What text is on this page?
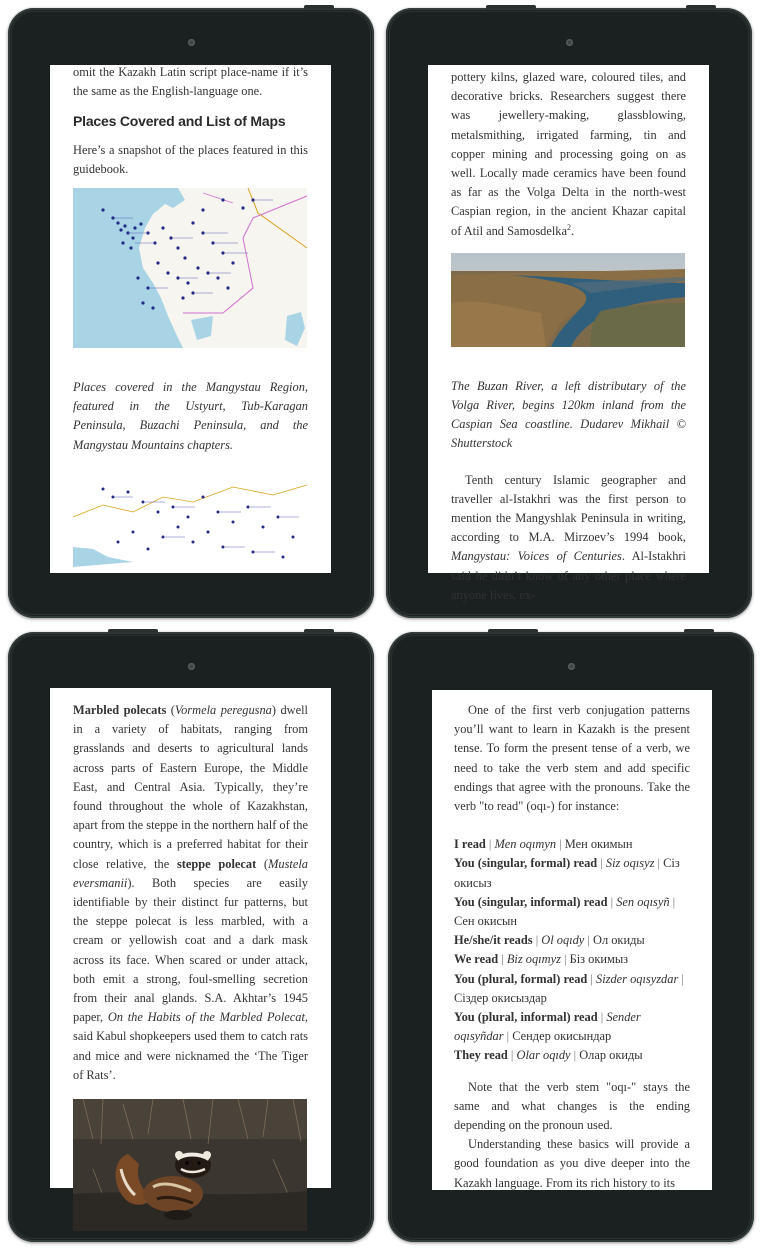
omit the Kazakh Latin script place-name if it’s the same as the English-language one.

Places Covered and List of Maps

Here’s a snapshot of the places featured in this guidebook.

Places covered in the Mangystau Region, featured in the Ustyurt, Tub-Karagan Peninsula, Buzachi Peninsula, and the Mangystau Mountains chapters.

pottery kilns, glazed ware, coloured tiles, and decorative bricks. Researchers suggest there was jewellery-making, glassblowing, metalsmithing, irrigated farming, tin and copper mining and processing going on as well. Locally made ceramics have been found as far as the Volga Delta in the north-west Caspian region, in the ancient Khazar capital of Atil and Samosdelka$^2$.

The Buzan River, a left distributary of the Volga River, begins 120km inland from the Caspian Sea coastline. Dudarev Mikhail © Shutterstock

Tenth century Islamic geographer and traveller al-Istakhri was the first person to mention the Mangyshlak Peninsula in writing, according to M.A. Mirzoev’s 1994 book, Mangystau: Voices of Centuries. Al-Istakhri said he didn’t know of any other place where anyone lives, ex-

Marbled polecats (Vormela peregusna) dwell in a variety of habitats, ranging from grasslands and deserts to agricultural lands across parts of Eastern Europe, the Middle East, and Central Asia. Typically, they’re found throughout the whole of Kazakhstan, apart from the steppe in the northern half of the country, which is a preferred habitat for their close relative, the steppe polecat (Mustela eversmanii). Both species are easily identifiable by their distinct fur patterns, but the steppe polecat is less marbled, with a cream or yellowish coat and a dark mask across its face. When scared or under attack, both emit a strong, foul-smelling secretion from their anal glands. S.A. Akhtar’s 1945 paper, On the Habits of the Marbled Polecat, said Kabul shopkeepers used them to catch rats and mice and were nicknamed the ‘The Tiger of Rats’.

One of the first verb conjugation patterns you’ll want to learn in Kazakh is the present tense. To form the present tense of a verb, we need to take the verb stem and add specific endings that agree with the pronouns. Take the verb "to read" (oqı-) for instance:

I read | Men oqımyn | Мен окимын

You (singular, formal) read | Siz oqısyz | Сіз окисыз

You (singular, informal) read | Sen oqısyñ | Сен окисын

He/she/it reads | Ol oqıdy | Ол окиды

We read | Biz oqımyz | Біз окимыз

You (plural, formal) read | Sizder oqısyzdar | Сіздер окисыздар

You (plural, informal) read | Sender oqısyñdar | Сендер окисындар

They read | Olar oqıdy | Олар окиды

Note that the verb stem "oqı-" stays the same and what changes is the ending depending on the pronoun used.

Understanding these basics will provide a good foundation as you dive deeper into the Kazakh language. From its rich history to its
